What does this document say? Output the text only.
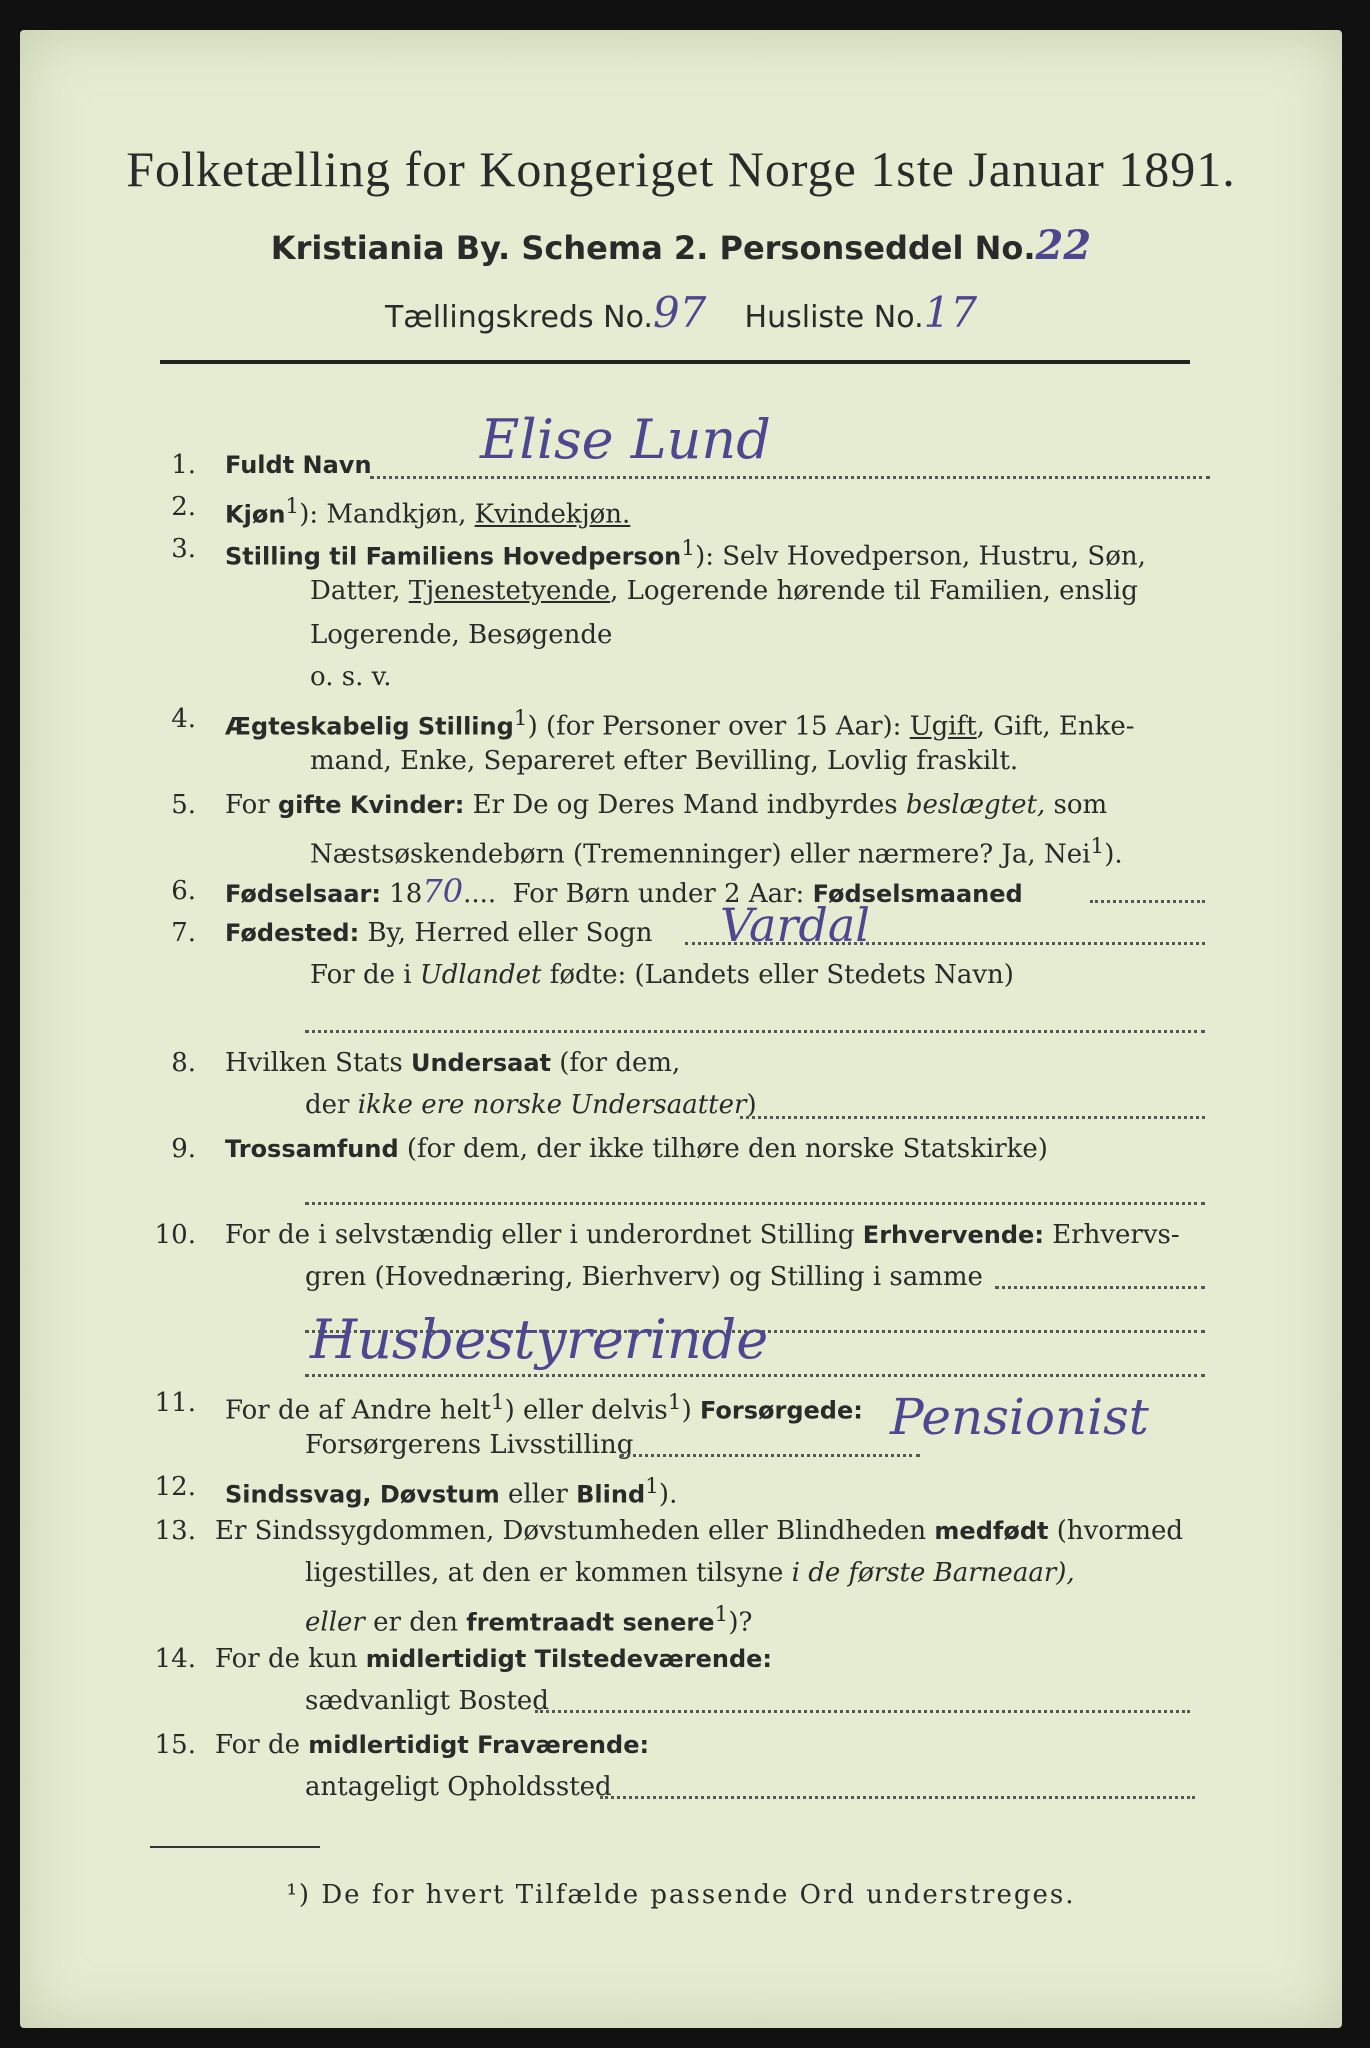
Folketælling for Kongeriget Norge 1ste Januar 1891.
Kristiania By. Schema 2. Personseddel No.22
Tællingskreds No.97 Husliste No.17
1. Fuldt Navn Elise Lund
2. Kjøn$^1$): Mandkjøn, Kvindekjøn.
3. Stilling til Familiens Hovedperson$^1$): Selv Hovedperson, Hustru, Søn,
Datter, Tjenestetyende, Logerende hørende til Familien, enslig
Logerende, Besøgende
o. s. v.
4. Ægteskabelig Stilling$^1$) (for Personer over 15 Aar): Ugift, Gift, Enke-
mand, Enke, Separeret efter Bevilling, Lovlig fraskilt.
5. For gifte Kvinder: Er De og Deres Mand indbyrdes beslægtet, som
Næstsøskendebørn (Tremenninger) eller nærmere? Ja, Nei$^1$).
6. Fødselsaar: 1870....  For Børn under 2 Aar: Fødselsmaaned
7. Fødested: By, Herred eller Sogn Vardal
For de i Udlandet fødte: (Landets eller Stedets Navn)
8. Hvilken Stats Undersaat (for dem,
der ikke ere norske Undersaatter)
9. Trossamfund (for dem, der ikke tilhøre den norske Statskirke)
10. For de i selvstændig eller i underordnet Stilling Erhvervende: Erhvervs-
gren (Hovednæring, Bierhverv) og Stilling i samme
Husbestyrerinde
11. For de af Andre helt$^1$) eller delvis$^1$) Forsørgede:
Forsørgerens Livsstilling	Pensionist
12. Sindssvag, Døvstum eller Blind$^1$).
13. Er Sindssygdommen, Døvstumheden eller Blindheden medfødt (hvormed
ligestilles, at den er kommen tilsyne i de første Barneaar),
eller er den fremtraadt senere$^1$)?
14. For de kun midlertidigt Tilstedeværende:
sædvanligt Bosted
15. For de midlertidigt Fraværende:
antageligt Opholdssted
¹) De for hvert Tilfælde passende Ord understreges.
